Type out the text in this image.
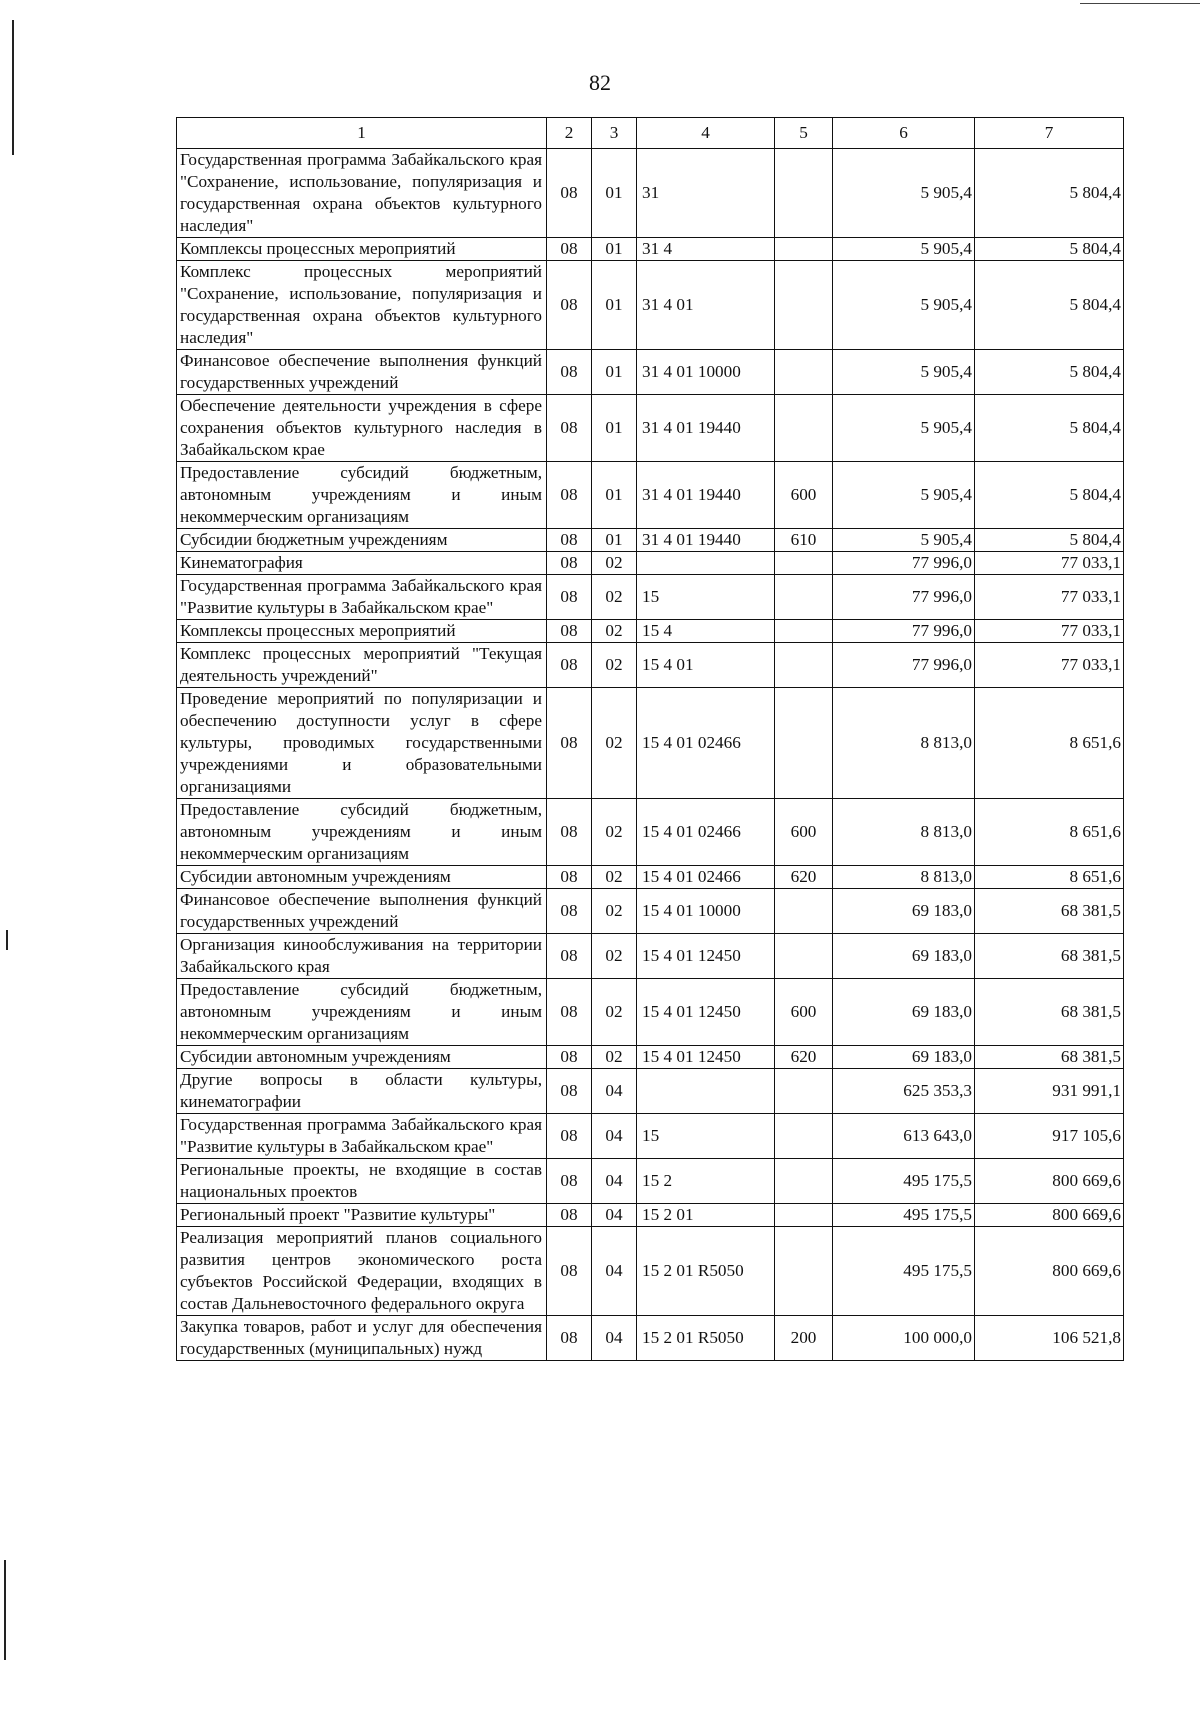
82
1	2	3	4	5	6	7
Государственная программа Забайкальского края "Сохранение, использование, популяризация и государственная охрана объектов культурного наследия"	08	01	31		5 905,4	5 804,4
Комплексы процессных мероприятий	08	01	31 4		5 905,4	5 804,4
Комплекс процессных мероприятий "Сохранение, использование, популяризация и государственная охрана объектов культурного наследия"	08	01	31 4 01		5 905,4	5 804,4
Финансовое обеспечение выполнения функций государственных учреждений	08	01	31 4 01 10000		5 905,4	5 804,4
Обеспечение деятельности учреждения в сфере сохранения объектов культурного наследия в Забайкальском крае	08	01	31 4 01 19440		5 905,4	5 804,4
Предоставление субсидий бюджетным, автономным учреждениям и иным некоммерческим организациям	08	01	31 4 01 19440	600	5 905,4	5 804,4
Субсидии бюджетным учреждениям	08	01	31 4 01 19440	610	5 905,4	5 804,4
Кинематография	08	02			77 996,0	77 033,1
Государственная программа Забайкальского края "Развитие культуры в Забайкальском крае"	08	02	15		77 996,0	77 033,1
Комплексы процессных мероприятий	08	02	15 4		77 996,0	77 033,1
Комплекс процессных мероприятий "Текущая деятельность учреждений"	08	02	15 4 01		77 996,0	77 033,1
Проведение мероприятий по популяризации и обеспечению доступности услуг в сфере культуры, проводимых государственными учреждениями и образовательными организациями	08	02	15 4 01 02466		8 813,0	8 651,6
Предоставление субсидий бюджетным, автономным учреждениям и иным некоммерческим организациям	08	02	15 4 01 02466	600	8 813,0	8 651,6
Субсидии автономным учреждениям	08	02	15 4 01 02466	620	8 813,0	8 651,6
Финансовое обеспечение выполнения функций государственных учреждений	08	02	15 4 01 10000		69 183,0	68 381,5
Организация кинообслуживания на территории Забайкальского края	08	02	15 4 01 12450		69 183,0	68 381,5
Предоставление субсидий бюджетным, автономным учреждениям и иным некоммерческим организациям	08	02	15 4 01 12450	600	69 183,0	68 381,5
Субсидии автономным учреждениям	08	02	15 4 01 12450	620	69 183,0	68 381,5
Другие вопросы в области культуры, кинематографии	08	04			625 353,3	931 991,1
Государственная программа Забайкальского края "Развитие культуры в Забайкальском крае"	08	04	15		613 643,0	917 105,6
Региональные проекты, не входящие в состав национальных проектов	08	04	15 2		495 175,5	800 669,6
Региональный проект "Развитие культуры"	08	04	15 2 01		495 175,5	800 669,6
Реализация мероприятий планов социального развития центров экономического роста субъектов Российской Федерации, входящих в состав Дальневосточного федерального округа	08	04	15 2 01 R5050		495 175,5	800 669,6
Закупка товаров, работ и услуг для обеспечения государственных (муниципальных) нужд	08	04	15 2 01 R5050	200	100 000,0	106 521,8
